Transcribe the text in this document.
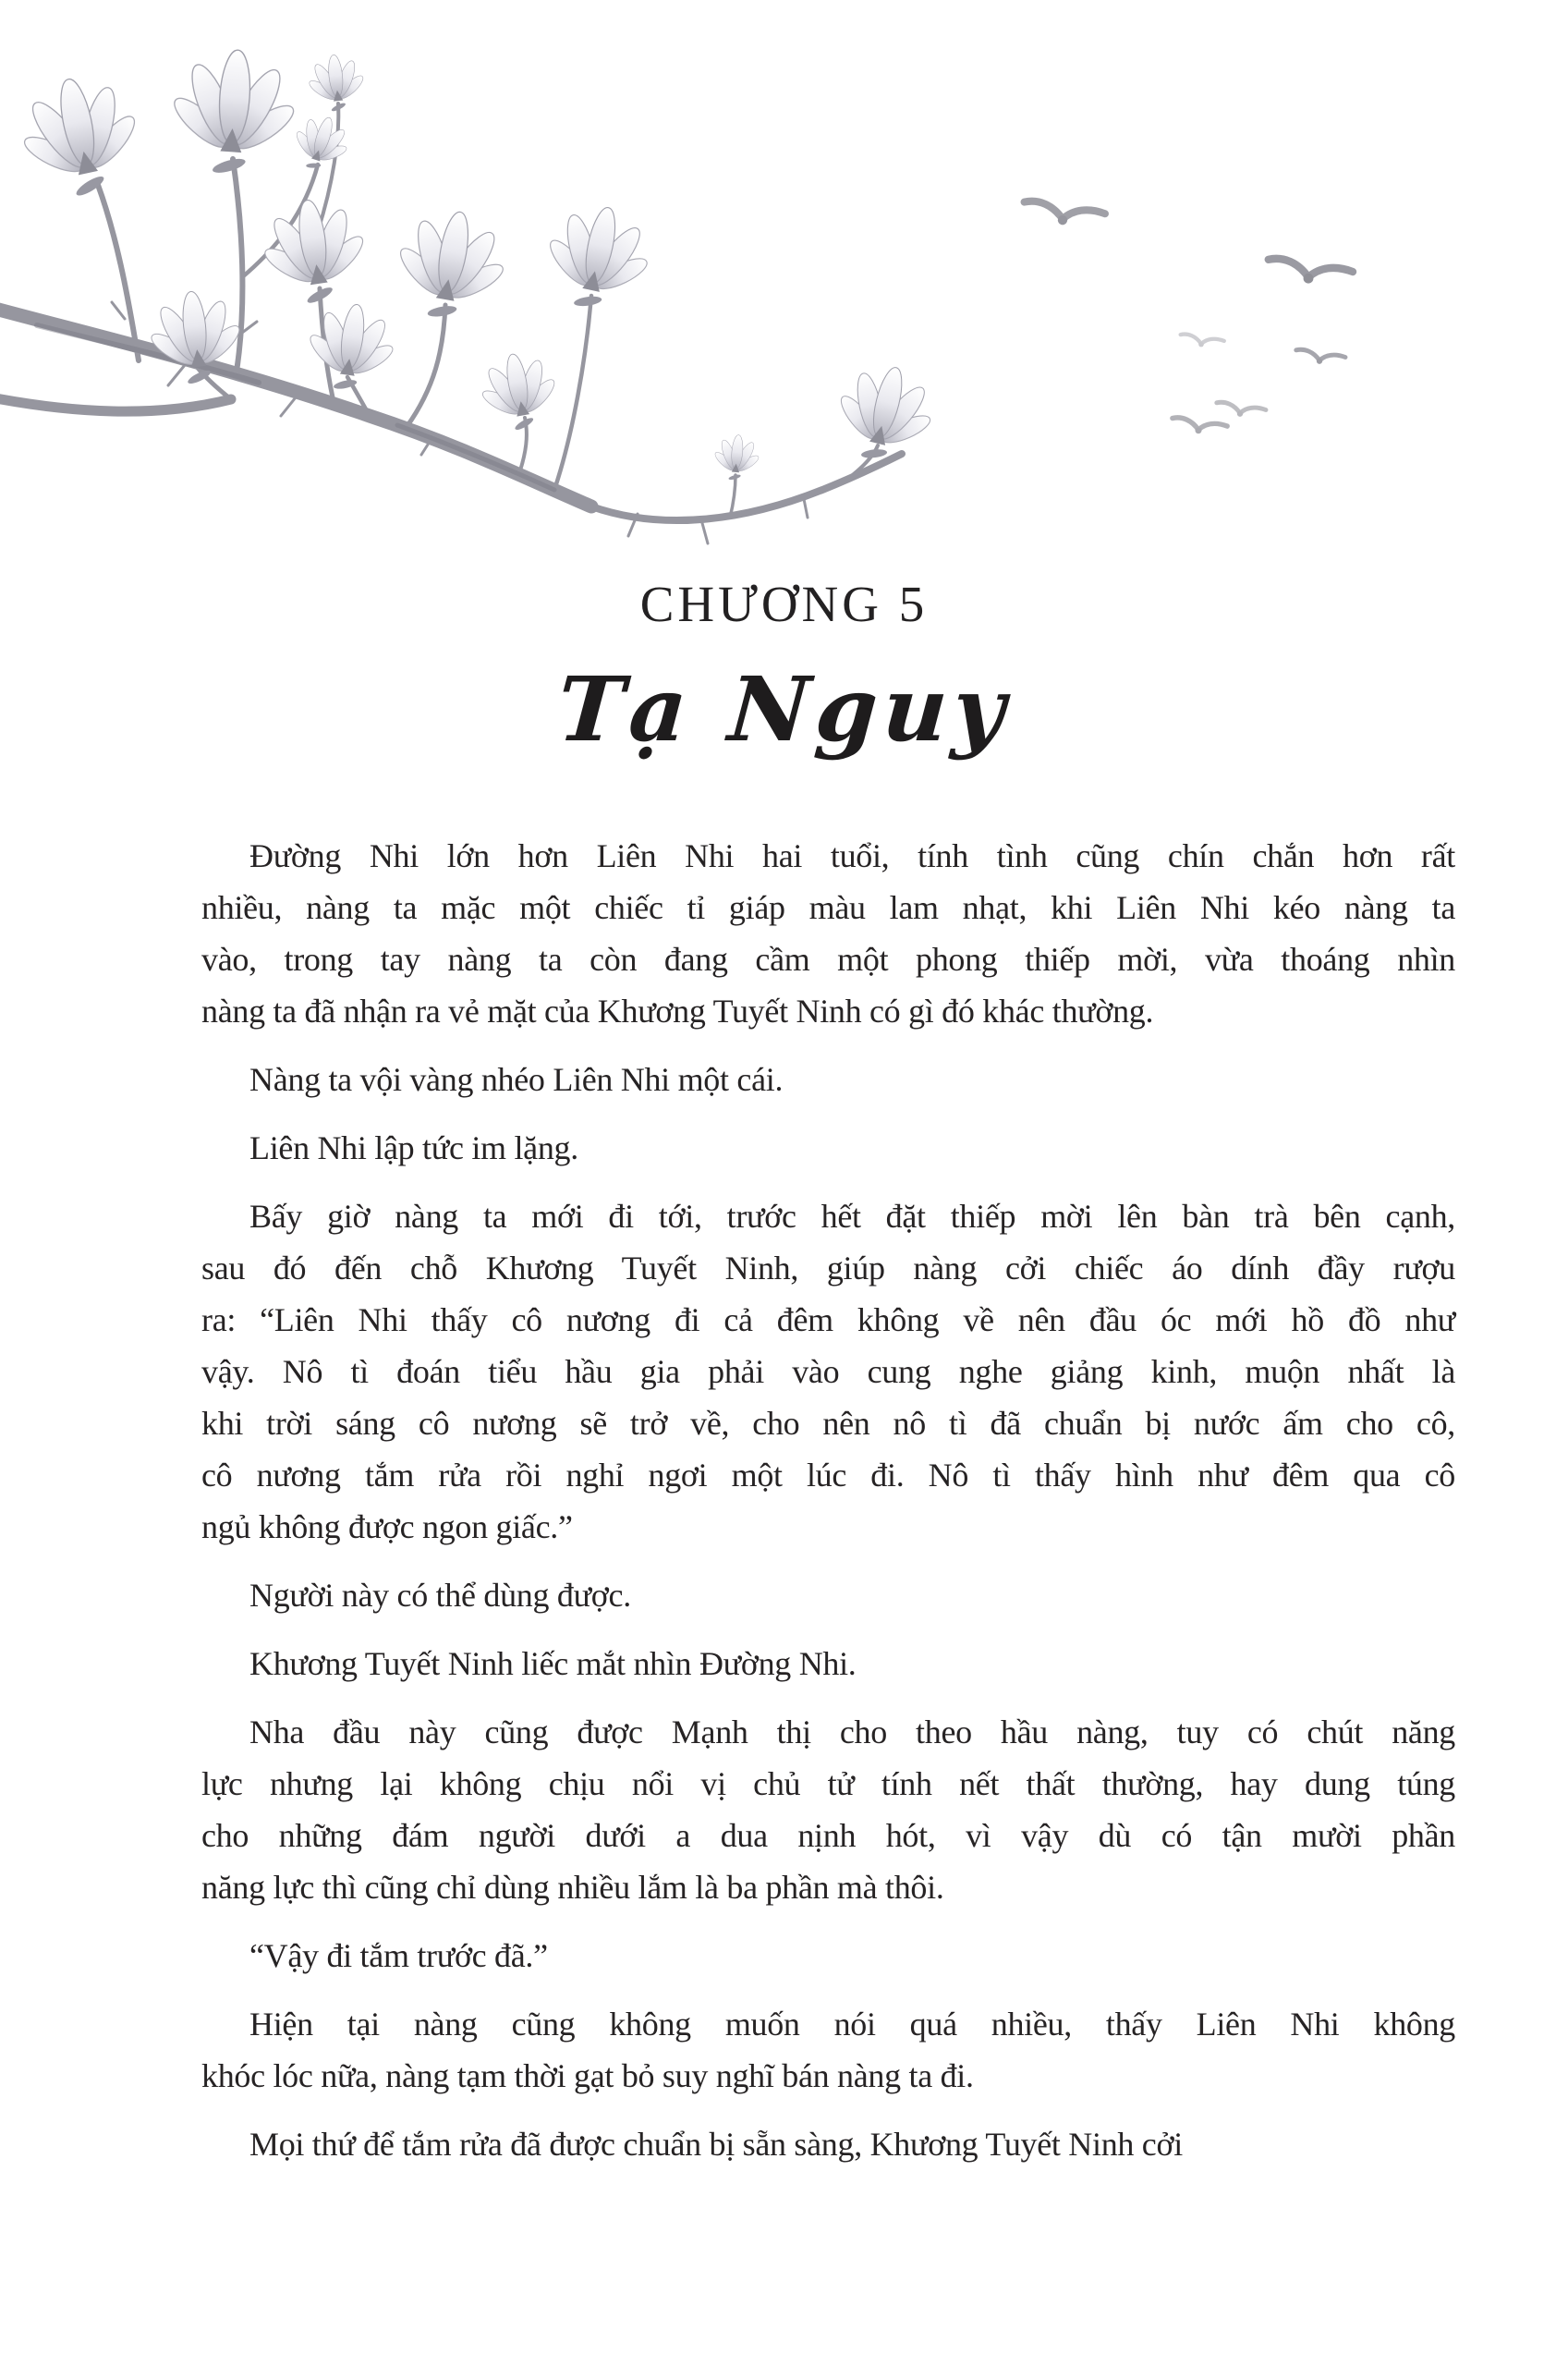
CHƯƠNG 5
Tạ Nguy

Đường Nhi lớn hơn Liên Nhi hai tuổi, tính tình cũng chín chắn hơn rất
nhiều, nàng ta mặc một chiếc tỉ giáp màu lam nhạt, khi Liên Nhi kéo nàng ta
vào, trong tay nàng ta còn đang cầm một phong thiếp mời, vừa thoáng nhìn
nàng ta đã nhận ra vẻ mặt của Khương Tuyết Ninh có gì đó khác thường.

Nàng ta vội vàng nhéo Liên Nhi một cái.

Liên Nhi lập tức im lặng.

Bấy giờ nàng ta mới đi tới, trước hết đặt thiếp mời lên bàn trà bên cạnh,
sau đó đến chỗ Khương Tuyết Ninh, giúp nàng cởi chiếc áo dính đầy rượu
ra: “Liên Nhi thấy cô nương đi cả đêm không về nên đầu óc mới hồ đồ như
vậy. Nô tì đoán tiểu hầu gia phải vào cung nghe giảng kinh, muộn nhất là
khi trời sáng cô nương sẽ trở về, cho nên nô tì đã chuẩn bị nước ấm cho cô,
cô nương tắm rửa rồi nghỉ ngơi một lúc đi. Nô tì thấy hình như đêm qua cô
ngủ không được ngon giấc.”

Người này có thể dùng được.

Khương Tuyết Ninh liếc mắt nhìn Đường Nhi.

Nha đầu này cũng được Mạnh thị cho theo hầu nàng, tuy có chút năng
lực nhưng lại không chịu nổi vị chủ tử tính nết thất thường, hay dung túng
cho những đám người dưới a dua nịnh hót, vì vậy dù có tận mười phần
năng lực thì cũng chỉ dùng nhiều lắm là ba phần mà thôi.

“Vậy đi tắm trước đã.”

Hiện tại nàng cũng không muốn nói quá nhiều, thấy Liên Nhi không
khóc lóc nữa, nàng tạm thời gạt bỏ suy nghĩ bán nàng ta đi.

Mọi thứ để tắm rửa đã được chuẩn bị sẵn sàng, Khương Tuyết Ninh cởi
